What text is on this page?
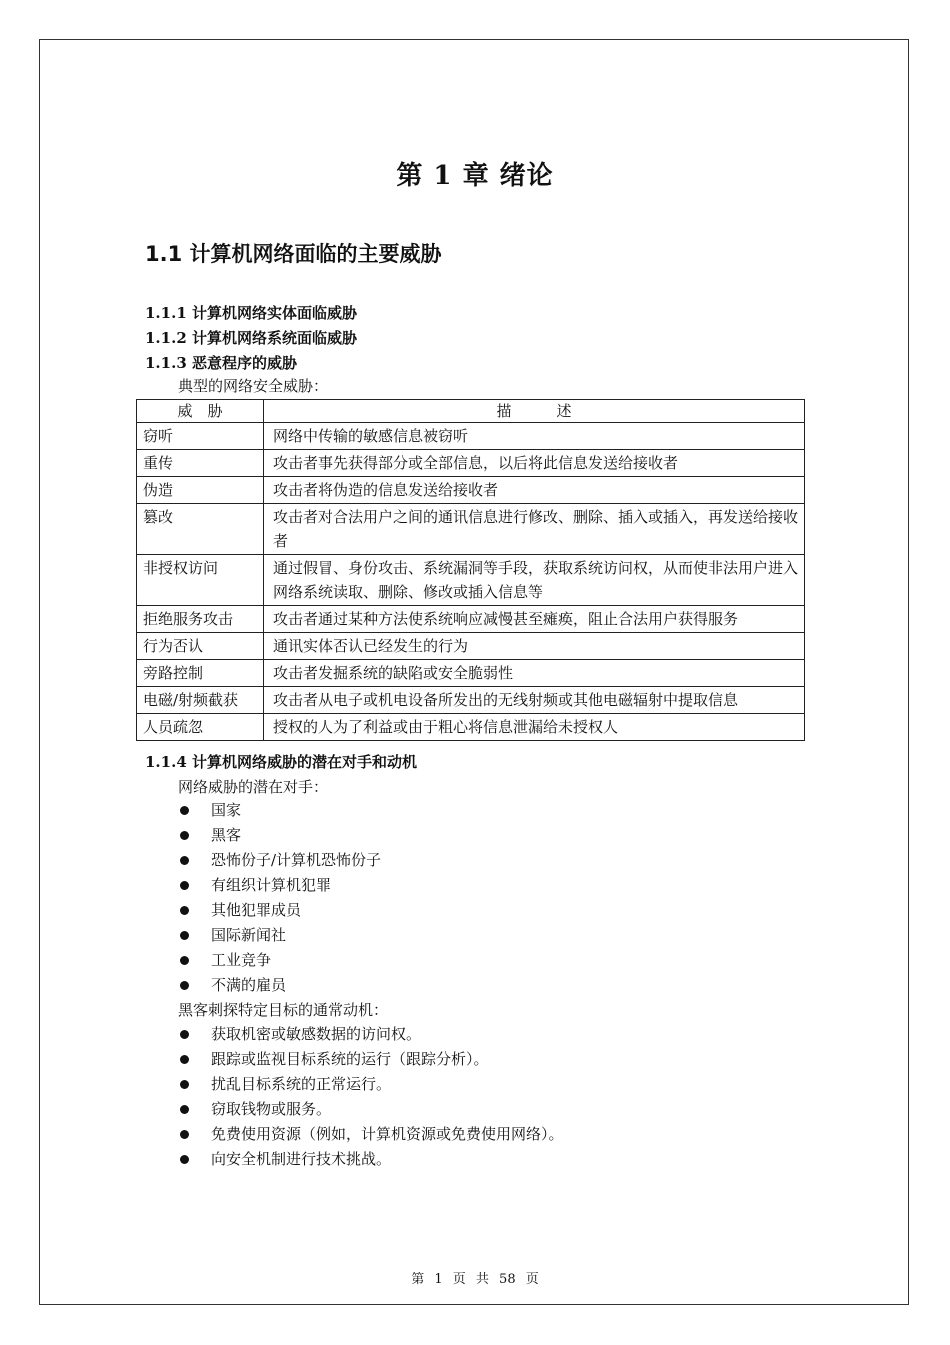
第 1 章 绪论
1.1 计算机网络面临的主要威胁
1.1.1 计算机网络实体面临威胁
1.1.2 计算机网络系统面临威胁
1.1.3 恶意程序的威胁
典型的网络安全威胁：
威　胁	描　　　述
窃听	网络中传输的敏感信息被窃听
重传	攻击者事先获得部分或全部信息，以后将此信息发送给接收者
伪造	攻击者将伪造的信息发送给接收者
篡改	攻击者对合法用户之间的通讯信息进行修改、删除、插入或插入，再发送给接收者
非授权访问	通过假冒、身份攻击、系统漏洞等手段，获取系统访问权，从而使非法用户进入网络系统读取、删除、修改或插入信息等
拒绝服务攻击	攻击者通过某种方法使系统响应减慢甚至瘫痪，阻止合法用户获得服务
行为否认	通讯实体否认已经发生的行为
旁路控制	攻击者发掘系统的缺陷或安全脆弱性
电磁/射频截获	攻击者从电子或机电设备所发出的无线射频或其他电磁辐射中提取信息
人员疏忽	授权的人为了利益或由于粗心将信息泄漏给未授权人
1.1.4 计算机网络威胁的潜在对手和动机
网络威胁的潜在对手：
国家
黑客
恐怖份子/计算机恐怖份子
有组织计算机犯罪
其他犯罪成员
国际新闻社
工业竞争
不满的雇员
黑客刺探特定目标的通常动机：
获取机密或敏感数据的访问权。
跟踪或监视目标系统的运行（跟踪分析）。
扰乱目标系统的正常运行。
窃取钱物或服务。
免费使用资源（例如，计算机资源或免费使用网络）。
向安全机制进行技术挑战。
第 1 页 共 58 页
